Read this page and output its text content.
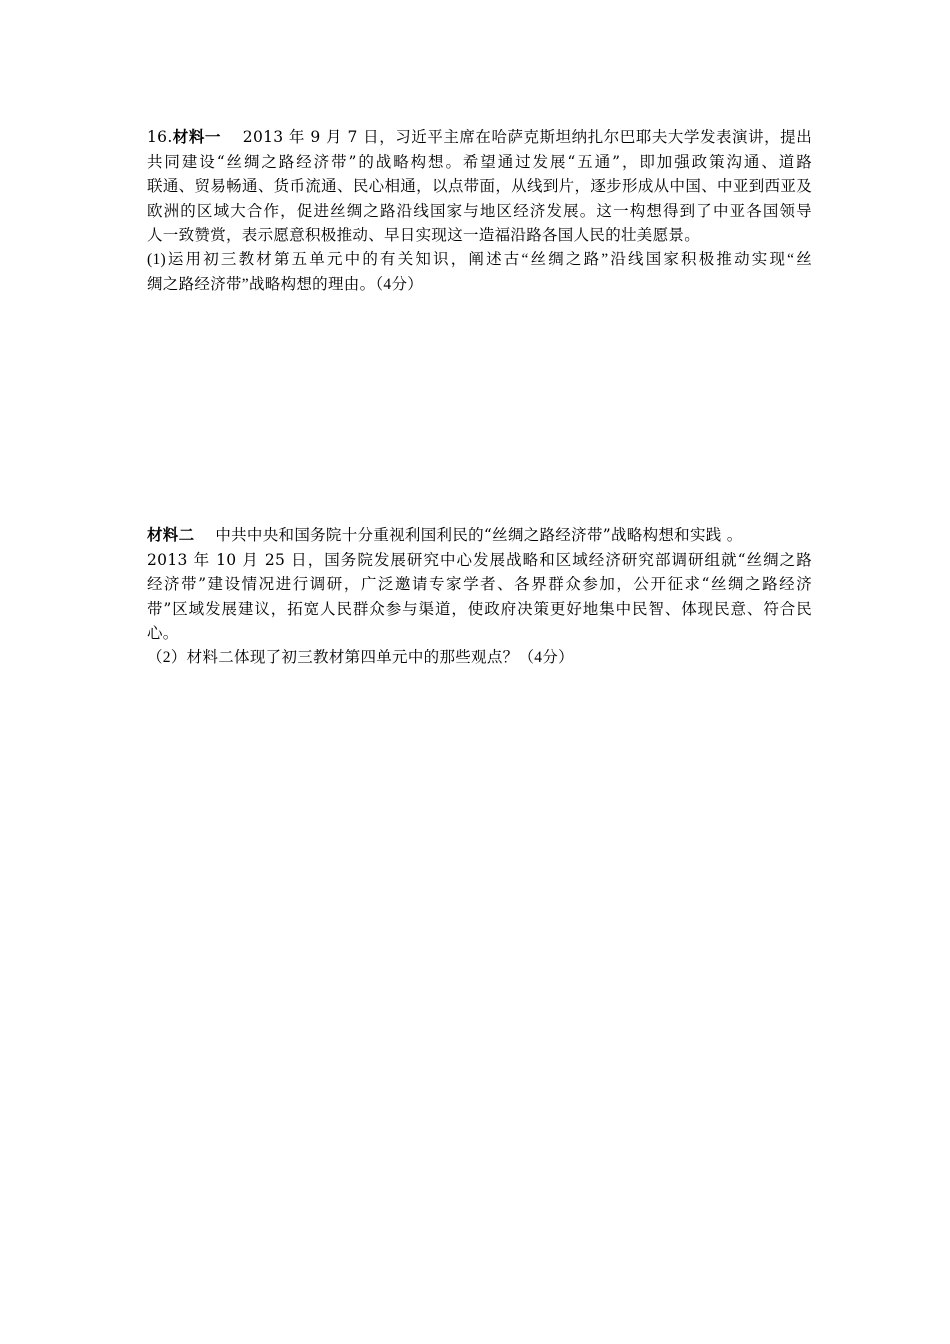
16.材料一 2013 年 9 月 7 日，习近平主席在哈萨克斯坦纳扎尔巴耶夫大学发表演讲，提出
共同建设“丝绸之路经济带”的战略构想。希望通过发展“五通”，即加强政策沟通、道路
联通、贸易畅通、货币流通、民心相通，以点带面，从线到片，逐步形成从中国、中亚到西亚及
欧洲的区域大合作，促进丝绸之路沿线国家与地区经济发展。这一构想得到了中亚各国领导
人一致赞赏，表示愿意积极推动、早日实现这一造福沿路各国人民的壮美愿景。
(1)运用初三教材第五单元中的有关知识，阐述古“丝绸之路”沿线国家积极推动实现“丝
绸之路经济带”战略构想的理由。（4分）
材料二 中共中央和国务院十分重视利国利民的“丝绸之路经济带”战略构想和实践 。
2013 年 10 月 25 日，国务院发展研究中心发展战略和区域经济研究部调研组就“丝绸之路
经济带”建设情况进行调研，广泛邀请专家学者、各界群众参加，公开征求“丝绸之路经济
带”区域发展建议，拓宽人民群众参与渠道，使政府决策更好地集中民智、体现民意、符合民
心。
（2）材料二体现了初三教材第四单元中的那些观点？（4分）
